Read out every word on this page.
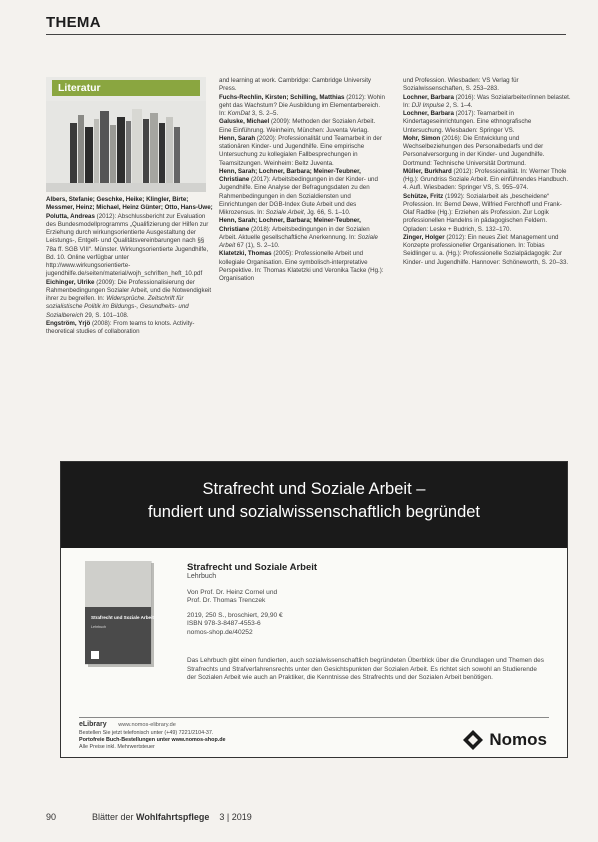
THEMA
Literatur
Albers, Stefanie; Geschke, Heike; Klingler, Birte; Messmer, Heinz; Michael, Heinz Günter; Otto, Hans-Uwe; Polutta, Andreas (2012): Abschlussbericht zur Evaluation des Bundesmodellprogramms „Qualifizierung der Hilfen zur Erziehung durch wirkungsorientierte Ausgestaltung der Leistungs-, Entgelt- und Qualitätsvereinbarungen nach §§ 78a ff. SGB VIII“. Münster. Wirkungsorientierte Jugendhilfe, Bd. 10. Online verfügbar unter http://www.wirkungsorientierte-jugendhilfe.de/seiten/material/wojh_schriften_heft_10.pdf
Eichinger, Ulrike (2009): Die Professionalisierung der Rahmenbedingungen Sozialer Arbeit, und die Notwendigkeit ihrer zu begreifen. In: Widersprüche. Zeitschrift für sozialistische Politik im Bildungs-, Gesundheits- und Sozialbereich 29, S. 101–108.
Engström, Yrjö (2008): From teams to knots. Activity-theoretical studies of collaboration
and learning at work. Cambridge: Cambridge University Press.
Fuchs-Rechlin, Kirsten; Schilling, Matthias (2012): Wohin geht das Wachstum? Die Ausbildung im Elementarbereich. In: KomDat 3, S. 2–5.
Galuske, Michael (2009): Methoden der Sozialen Arbeit. Eine Einführung. Weinheim, München: Juventa Verlag.
Henn, Sarah (2020): Professionalität und Teamarbeit in der stationären Kinder- und Jugendhilfe. Eine empirische Untersuchung zu kollegialen Fallbesprechungen in Teamsitzungen. Weinheim: Beltz Juventa.
Henn, Sarah; Lochner, Barbara; Meiner-Teubner, Christiane (2017): Arbeitsbedingungen in der Kinder- und Jugendhilfe. Eine Analyse der Befragungsdaten zu den Rahmenbedingungen in den Sozialdiensten und Einrichtungen der DGB-Index Gute Arbeit und des Mikrozensus. In: Soziale Arbeit, Jg. 66, S. 1–10.
Henn, Sarah; Lochner, Barbara; Meiner-Teubner, Christiane (2018): Arbeitsbedingungen in der Sozialen Arbeit. Aktuelle gesellschaftliche Anerkennung. In: Soziale Arbeit 67 (1), S. 2–10.
Klatetzki, Thomas (2005): Professionelle Arbeit und kollegiale Organisation. Eine symbolisch-interpretative Perspektive. In: Thomas Klatetzki und Veronika Tacke (Hg.): Organisation
und Profession. Wiesbaden: VS Verlag für Sozialwissenschaften, S. 253–283.
Lochner, Barbara (2016): Was Sozialarbeiter/innen belastet. In: DJI Impulse 2, S. 1–4.
Lochner, Barbara (2017): Teamarbeit in Kindertageseinrichtungen. Eine ethnografische Untersuchung. Wiesbaden: Springer VS.
Mohr, Simon (2016): Die Entwicklung und Wechselbeziehungen des Personalbedarfs und der Personalversorgung in der Kinder- und Jugendhilfe. Dortmund: Technische Universität Dortmund.
Müller, Burkhard (2012): Professionalität. In: Werner Thole (Hg.): Grundriss Soziale Arbeit. Ein einführendes Handbuch. 4. Aufl. Wiesbaden: Springer VS, S. 955–974.
Schütze, Fritz (1992): Sozialarbeit als „bescheidene“ Profession. In: Bernd Dewe, Wilfried Ferchhoff und Frank-Olaf Radtke (Hg.): Erziehen als Profession. Zur Logik professionellen Handelns in pädagogischen Feldern. Opladen: Leske + Budrich, S. 132–170.
Zinger, Holger (2012): Ein neues Ziel: Management und Konzepte professioneller Organisationen. In: Tobias Seidlinger u. a. (Hg.): Professionelle Sozialpädagogik: Zur Kinder- und Jugendhilfe. Hannover: Schöneworth, S. 20–33.
Strafrecht und Soziale Arbeit –
fundiert und sozialwissenschaftlich begründet
Strafrecht und Soziale Arbeit
Lehrbuch
Strafrecht und Soziale Arbeit
Lehrbuch
Von Prof. Dr. Heinz Cornel und
Prof. Dr. Thomas Trenczek
2019, 250 S., broschiert, 29,90 €
ISBN 978-3-8487-4553-6
nomos-shop.de/40252
Das Lehrbuch gibt einen fundierten, auch sozialwissenschaftlich begründeten Überblick über die Grundlagen und Themen des Strafrechts und Strafverfahrensrechts unter den Gesichtspunkten der Sozialen Arbeit. Es richtet sich sowohl an Studierende der Sozialen Arbeit wie auch an Praktiker, die Kenntnisse des Strafrechts und der Sozialen Arbeit benötigen.
eLibrary www.nomos-elibrary.de
Bestellen Sie jetzt telefonisch unter (+49) 7221/2104-37.
Portofreie Buch-Bestellungen unter www.nomos-shop.de
Alle Preise inkl. Mehrwertsteuer	Nomos
90	Blätter der Wohlfahrtspflege 3 | 2019
